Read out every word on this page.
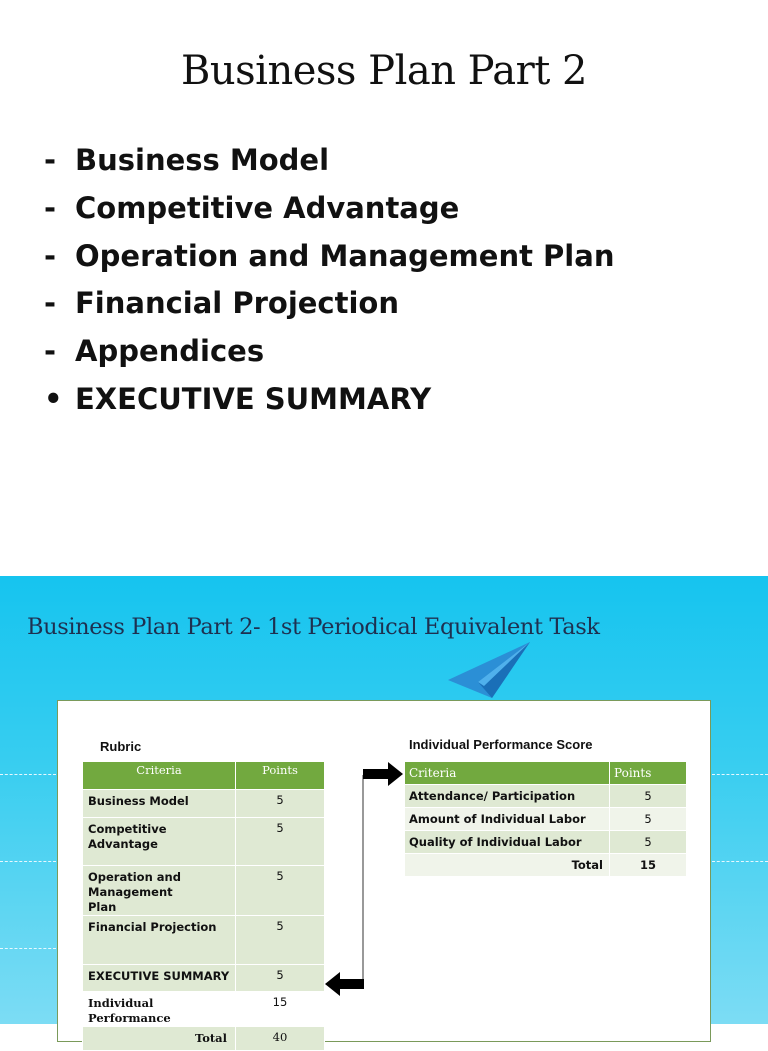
Business Plan Part 2
- Business Model
- Competitive Advantage
- Operation and Management Plan
- Financial Projection
- Appendices
• EXECUTIVE SUMMARY
Business Plan Part 2- 1st Periodical Equivalent Task
Rubric	Individual Performance Score
Criteria	Points
Business Model	5
Competitive Advantage	5
Operation and Management Plan	5
Financial Projection	5
EXECUTIVE SUMMARY	5
Individual Performance	15
Total	40
Criteria	Points
Attendance/ Participation	5
Amount of Individual Labor	5
Quality of Individual Labor	5
Total	15
